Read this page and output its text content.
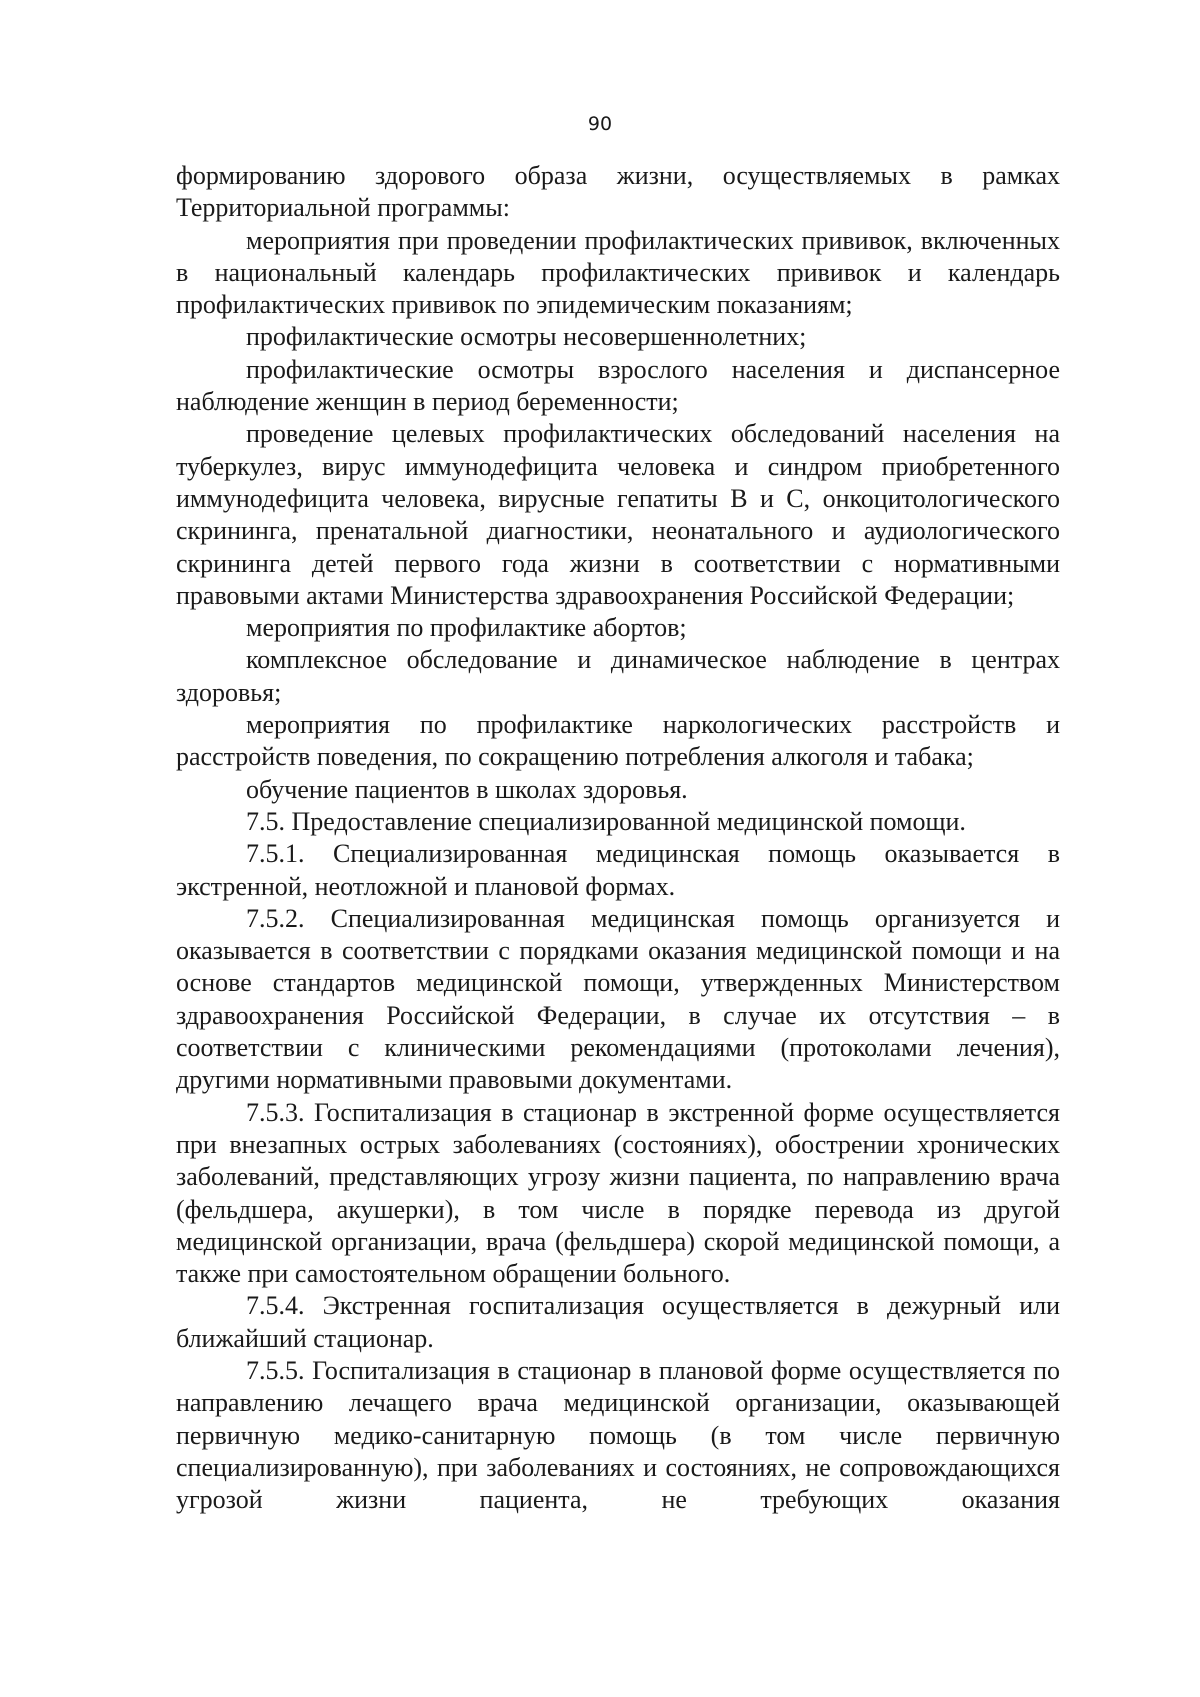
90

формированию здорового образа жизни, осуществляемых в рамках Территориальной программы:

мероприятия при проведении профилактических прививок, включенных в национальный календарь профилактических прививок и календарь профилактических прививок по эпидемическим показаниям;

профилактические осмотры несовершеннолетних;

профилактические осмотры взрослого населения и диспансерное наблюдение женщин в период беременности;

проведение целевых профилактических обследований населения на туберкулез, вирус иммунодефицита человека и синдром приобретенного иммунодефицита человека, вирусные гепатиты В и С, онкоцитологического скрининга, пренатальной диагностики, неонатального и аудиологического скрининга детей первого года жизни в соответствии с нормативными правовыми актами Министерства здравоохранения Российской Федерации;

мероприятия по профилактике абортов;

комплексное обследование и динамическое наблюдение в центрах здоровья;

мероприятия по профилактике наркологических расстройств и расстройств поведения, по сокращению потребления алкоголя и табака;

обучение пациентов в школах здоровья.

7.5. Предоставление специализированной медицинской помощи.

7.5.1. Специализированная медицинская помощь оказывается в экстренной, неотложной и плановой формах.

7.5.2. Специализированная медицинская помощь организуется и оказывается в соответствии с порядками оказания медицинской помощи и на основе стандартов медицинской помощи, утвержденных Министерством здравоохранения Российской Федерации, в случае их отсутствия – в соответствии с клиническими рекомендациями (протоколами лечения), другими нормативными правовыми документами.

7.5.3. Госпитализация в стационар в экстренной форме осуществляется при внезапных острых заболеваниях (состояниях), обострении хронических заболеваний, представляющих угрозу жизни пациента, по направлению врача (фельдшера, акушерки), в том числе в порядке перевода из другой медицинской организации, врача (фельдшера) скорой медицинской помощи, а также при самостоятельном обращении больного.

7.5.4. Экстренная госпитализация осуществляется в дежурный или ближайший стационар.

7.5.5. Госпитализация в стационар в плановой форме осуществляется по направлению лечащего врача медицинской организации, оказывающей первичную медико-санитарную помощь (в том числе первичную специализированную), при заболеваниях и состояниях, не сопровождающихся угрозой жизни пациента, не требующих оказания
